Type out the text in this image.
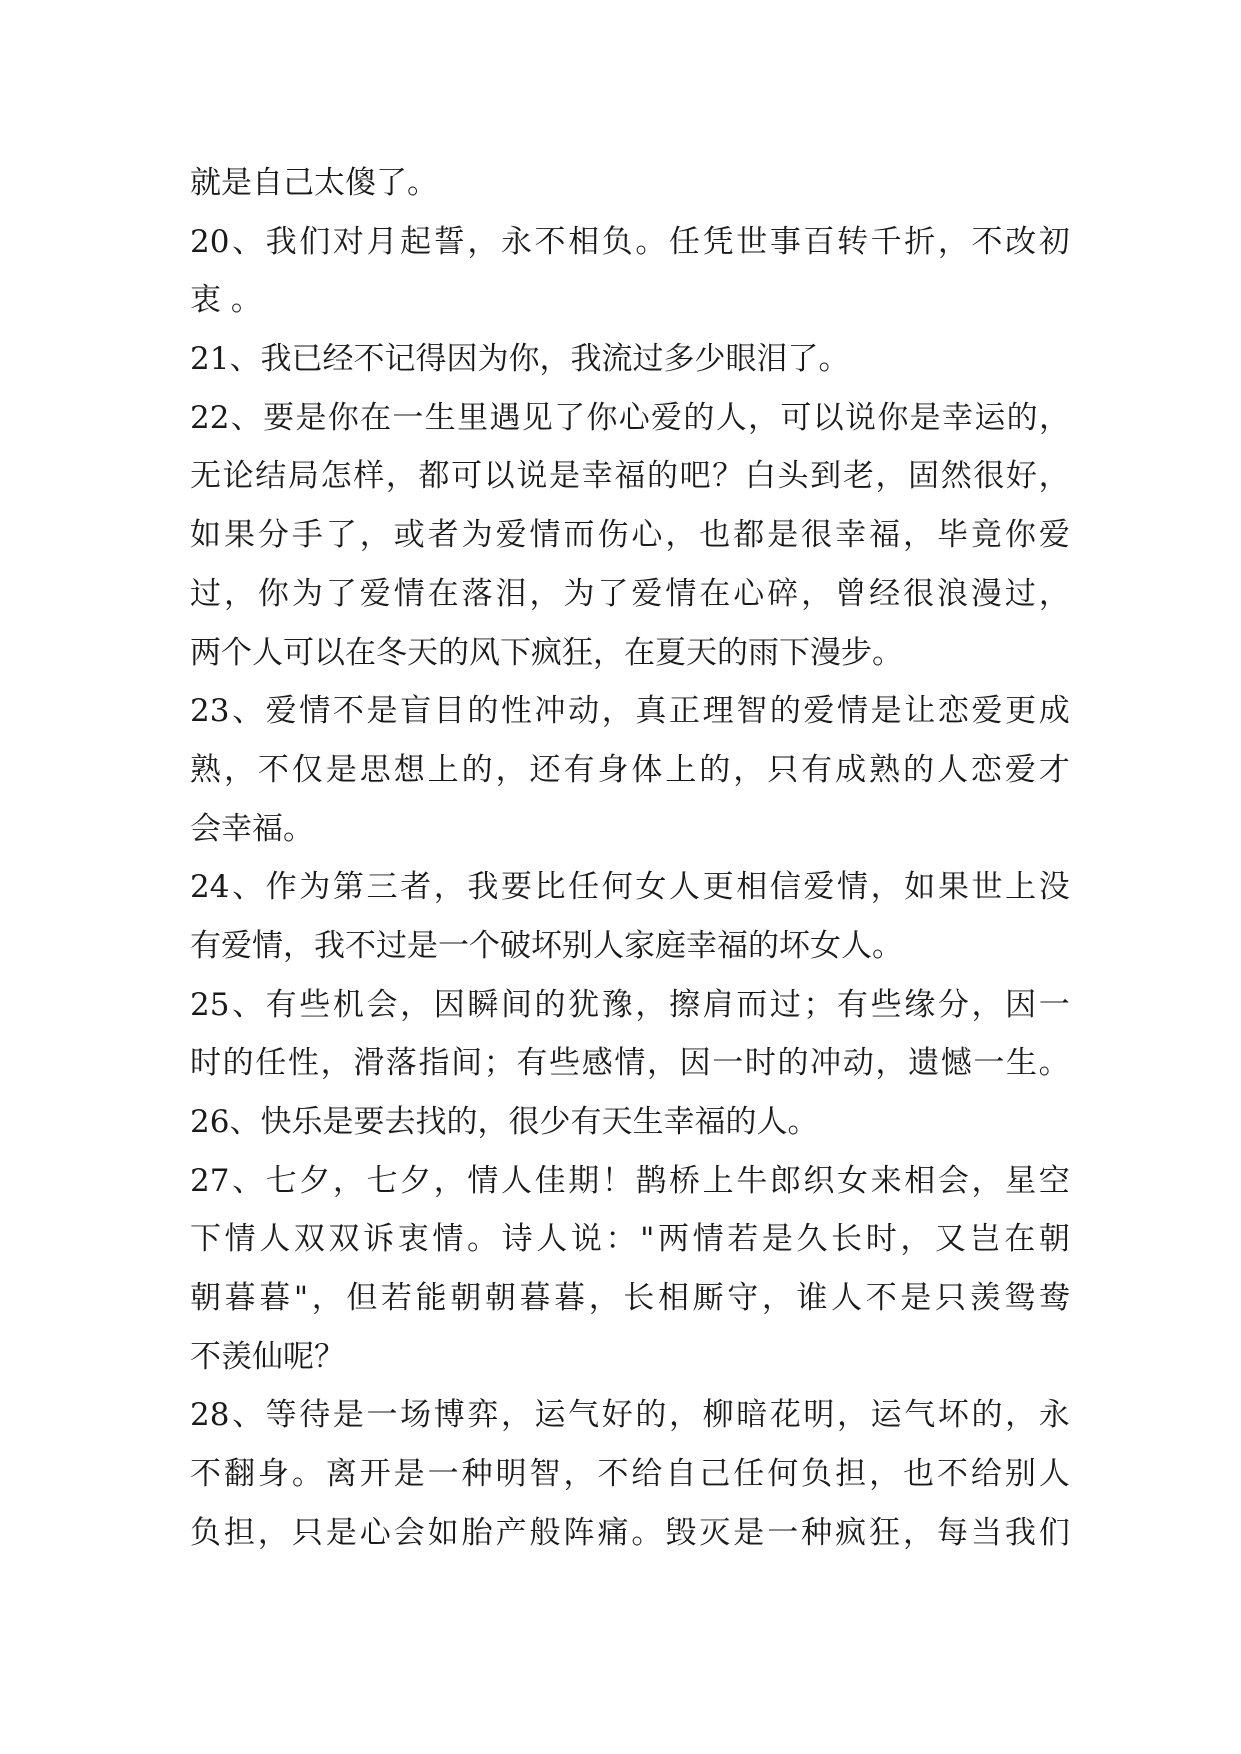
就是自己太傻了。
20 、 我 们 对 月 起 誓 ， 永 不 相 负 。 任 凭 世 事 百 转 千 折 ， 不 改 初
衷 。
21、我已经不记得因为你，我流过多少眼泪了。
22 、 要 是 你 在 一 生 里 遇 见 了 你 心 爱 的 人 ， 可 以 说 你 是 幸 运 的 ，
无 论 结 局 怎 样 ， 都 可 以 说 是 幸 福 的 吧 ？ 白 头 到 老 ， 固 然 很 好 ，
如 果 分 手 了 ， 或 者 为 爱 情 而 伤 心 ， 也 都 是 很 幸 福 ， 毕 竟 你 爱
过 ， 你 为 了 爱 情 在 落 泪 ， 为 了 爱 情 在 心 碎 ， 曾 经 很 浪 漫 过 ，
两个人可以在冬天的风下疯狂，在夏天的雨下漫步。
23 、 爱 情 不 是 盲 目 的 性 冲 动 ， 真 正 理 智 的 爱 情 是 让 恋 爱 更 成
熟 ， 不 仅 是 思 想 上 的 ， 还 有 身 体 上 的 ， 只 有 成 熟 的 人 恋 爱 才
会幸福。
24 、 作 为 第 三 者 ， 我 要 比 任 何 女 人 更 相 信 爱 情 ， 如 果 世 上 没
有爱情，我不过是一个破坏别人家庭幸福的坏女人。
25 、 有 些 机 会 ， 因 瞬 间 的 犹 豫 ， 擦 肩 而 过 ； 有 些 缘 分 ， 因 一
时 的 任 性 ， 滑 落 指 间 ； 有 些 感 情 ， 因 一 时 的 冲 动 ， 遗 憾 一 生 。
26、快乐是要去找的，很少有天生幸福的人。
27 、 七 夕 ， 七 夕 ， 情 人 佳 期 ！ 鹊 桥 上 牛 郎 织 女 来 相 会 ， 星 空
下 情 人 双 双 诉 衷 情 。 诗 人 说 ： " 两 情 若 是 久 长 时 ， 又 岂 在 朝
朝 暮 暮 " ， 但 若 能 朝 朝 暮 暮 ， 长 相 厮 守 ， 谁 人 不 是 只 羡 鸳 鸯
不羡仙呢？
28 、 等 待 是 一 场 博 弈 ， 运 气 好 的 ， 柳 暗 花 明 ， 运 气 坏 的 ， 永
不 翻 身 。 离 开 是 一 种 明 智 ， 不 给 自 己 任 何 负 担 ， 也 不 给 别 人
负 担 ， 只 是 心 会 如 胎 产 般 阵 痛 。 毁 灭 是 一 种 疯 狂 ， 每 当 我 们
